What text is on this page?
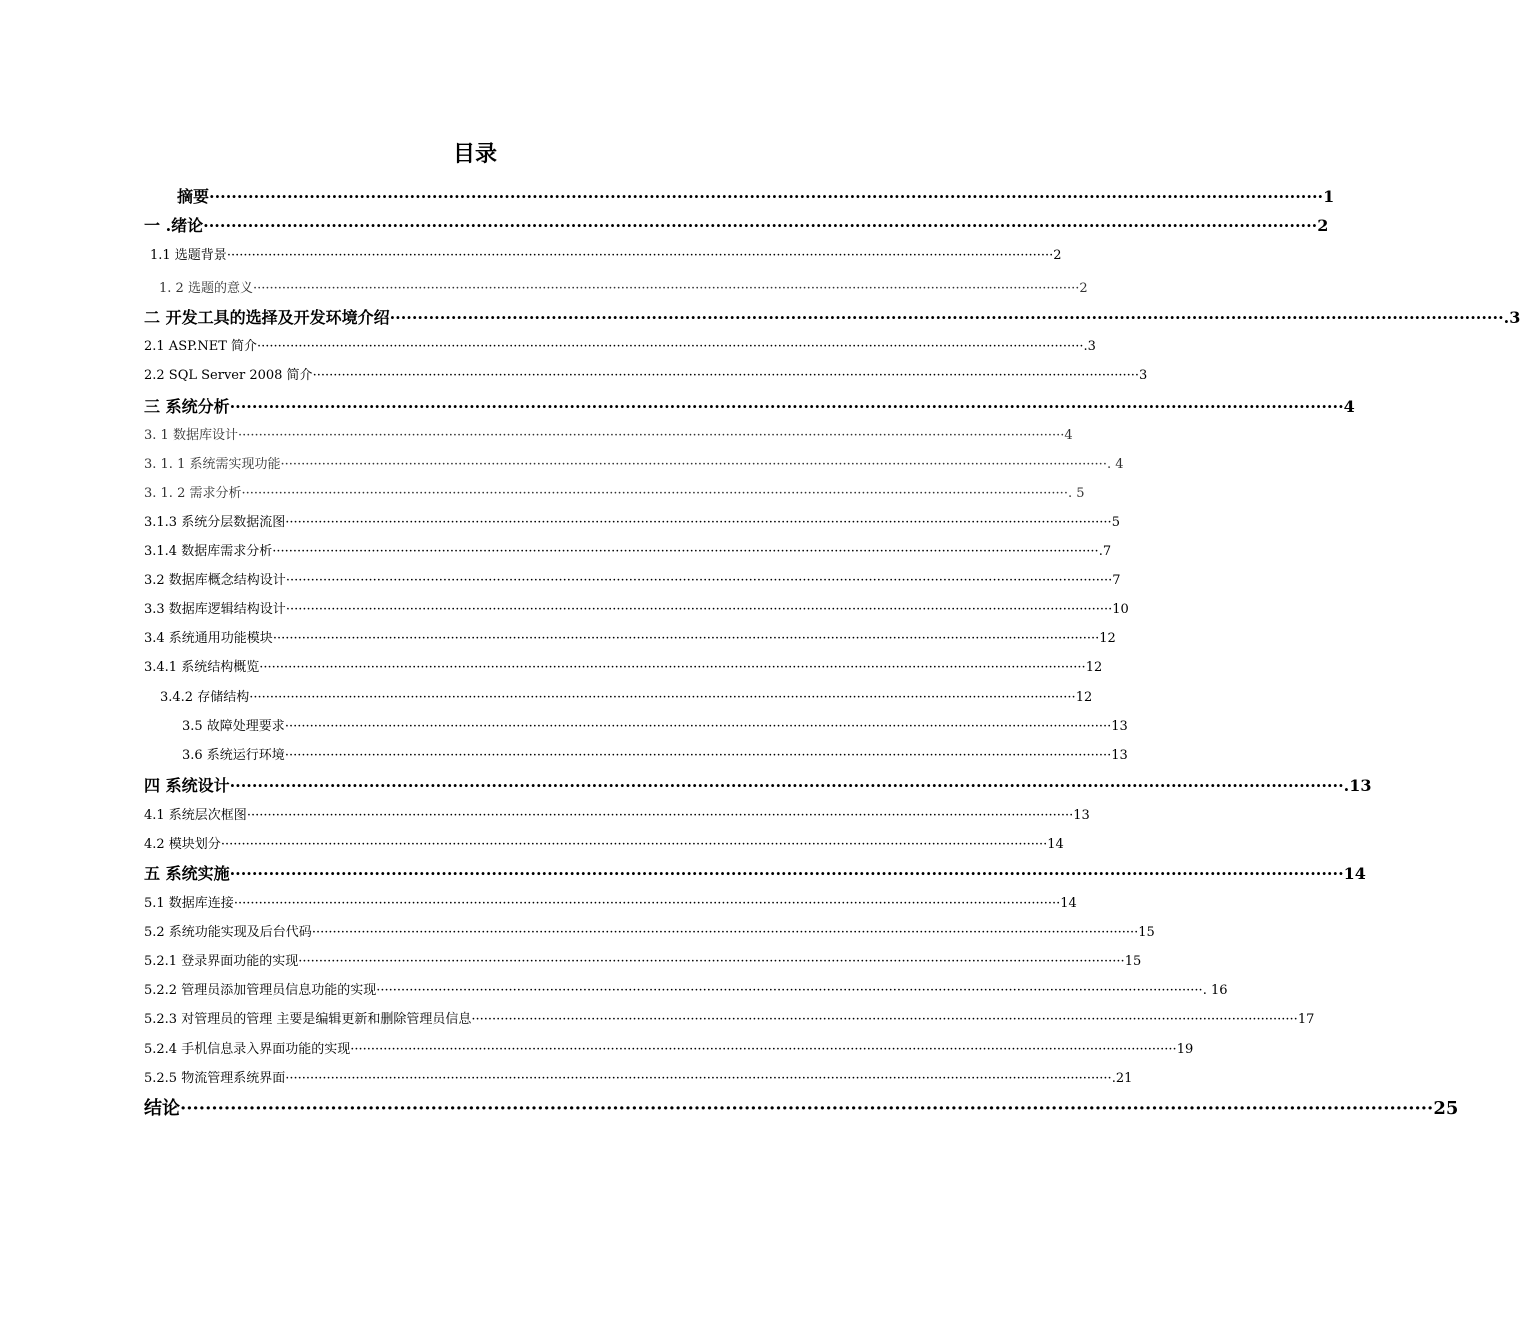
目录
摘要 ········································································································································································································ 1
一 .绪论 ········································································································································································································ 2
1.1 选题背景 ········································································································································································································ 2
1. 2 选题的意义 ········································································································································································································ 2
二 开发工具的选择及开发环境介绍 ········································································································································································································ .3
2.1 ASP.NET 简介 ········································································································································································································ .3
2.2 SQL Server 2008 简介 ········································································································································································································ 3
三 系统分析 ········································································································································································································ 4
3. 1 数据库设计 ········································································································································································································ 4
3. 1. 1 系统需实现功能 ········································································································································································································ . 4
3. 1. 2 需求分析 ········································································································································································································ . 5
3.1.3 系统分层数据流图 ········································································································································································································ 5
3.1.4 数据库需求分析 ········································································································································································································ .7
3.2 数据库概念结构设计 ········································································································································································································ 7
3.3 数据库逻辑结构设计 ········································································································································································································ 10
3.4 系统通用功能模块 ········································································································································································································ 12
3.4.1 系统结构概览 ········································································································································································································ 12
3.4.2 存储结构 ········································································································································································································ 12
3.5 故障处理要求 ········································································································································································································ 13
3.6 系统运行环境 ········································································································································································································ 13
四 系统设计 ········································································································································································································ .13
4.1 系统层次框图 ········································································································································································································ 13
4.2 模块划分 ········································································································································································································ 14
五 系统实施 ········································································································································································································ 14
5.1 数据库连接 ········································································································································································································ 14
5.2 系统功能实现及后台代码 ········································································································································································································ 15
5.2.1 登录界面功能的实现 ········································································································································································································ 15
5.2.2 管理员添加管理员信息功能的实现 ········································································································································································································ . 16
5.2.3 对管理员的管理 主要是编辑更新和删除管理员信息 ········································································································································································································ 17
5.2.4 手机信息录入界面功能的实现 ········································································································································································································ 19
5.2.5 物流管理系统界面 ········································································································································································································ .21
结论 ········································································································································································································ 25
